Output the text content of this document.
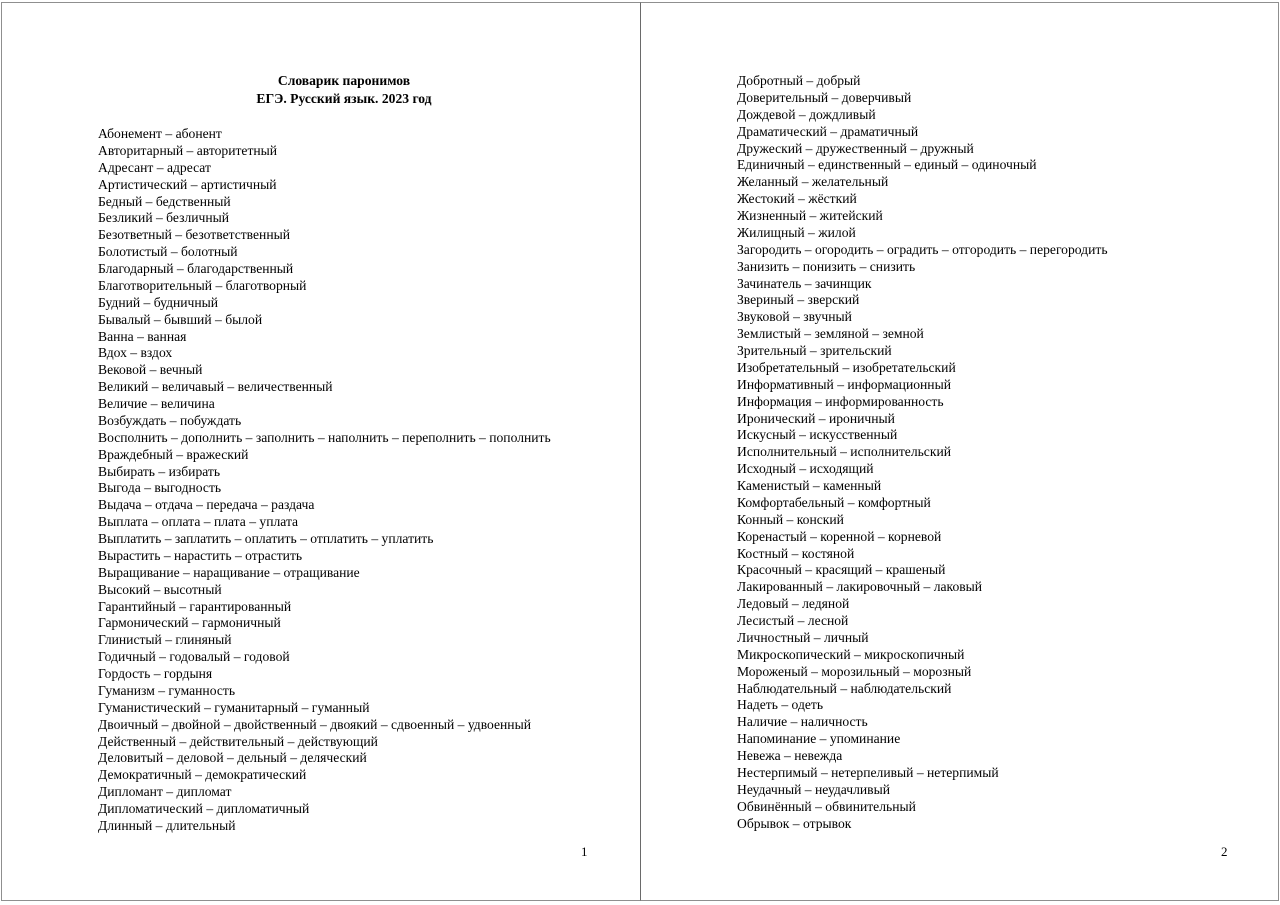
Словарик паронимов
ЕГЭ. Русский язык. 2023 год
Абонемент – абонент
Авторитарный – авторитетный
Адресант – адресат
Артистический – артистичный
Бедный – бедственный
Безликий – безличный
Безответный – безответственный
Болотистый – болотный
Благодарный – благодарственный
Благотворительный – благотворный
Будний – будничный
Бывалый – бывший – былой
Ванна – ванная
Вдох – вздох
Вековой – вечный
Великий – величавый – величественный
Величие – величина
Возбуждать – побуждать
Восполнить – дополнить – заполнить – наполнить – переполнить – пополнить
Враждебный – вражеский
Выбирать – избирать
Выгода – выгодность
Выдача – отдача – передача – раздача
Выплата – оплата – плата – уплата
Выплатить – заплатить – оплатить – отплатить – уплатить
Вырастить – нарастить – отрастить
Выращивание – наращивание – отращивание
Высокий – высотный
Гарантийный – гарантированный
Гармонический – гармоничный
Глинистый – глиняный
Годичный – годовалый – годовой
Гордость – гордыня
Гуманизм – гуманность
Гуманистический – гуманитарный – гуманный
Двоичный – двойной – двойственный – двоякий – сдвоенный – удвоенный
Действенный – действительный – действующий
Деловитый – деловой – дельный – деляческий
Демократичный – демократический
Дипломант – дипломат
Дипломатический – дипломатичный
Длинный – длительный
1
Добротный – добрый
Доверительный – доверчивый
Дождевой – дождливый
Драматический – драматичный
Дружеский – дружественный – дружный
Единичный – единственный – единый – одиночный
Желанный – желательный
Жестокий – жёсткий
Жизненный – житейский
Жилищный – жилой
Загородить – огородить – оградить – отгородить – перегородить
Занизить – понизить – снизить
Зачинатель – зачинщик
Звериный – зверский
Звуковой – звучный
Землистый – земляной – земной
Зрительный – зрительский
Изобретательный – изобретательский
Информативный – информационный
Информация – информированность
Иронический – ироничный
Искусный – искусственный
Исполнительный – исполнительский
Исходный – исходящий
Каменистый – каменный
Комфортабельный – комфортный
Конный – конский
Коренастый – коренной – корневой
Костный – костяной
Красочный – красящий – крашеный
Лакированный – лакировочный – лаковый
Ледовый – ледяной
Лесистый – лесной
Личностный – личный
Микроскопический – микроскопичный
Мороженый – морозильный – морозный
Наблюдательный – наблюдательский
Надеть – одеть
Наличие – наличность
Напоминание – упоминание
Невежа – невежда
Нестерпимый – нетерпеливый – нетерпимый
Неудачный – неудачливый
Обвинённый – обвинительный
Обрывок – отрывок
2
